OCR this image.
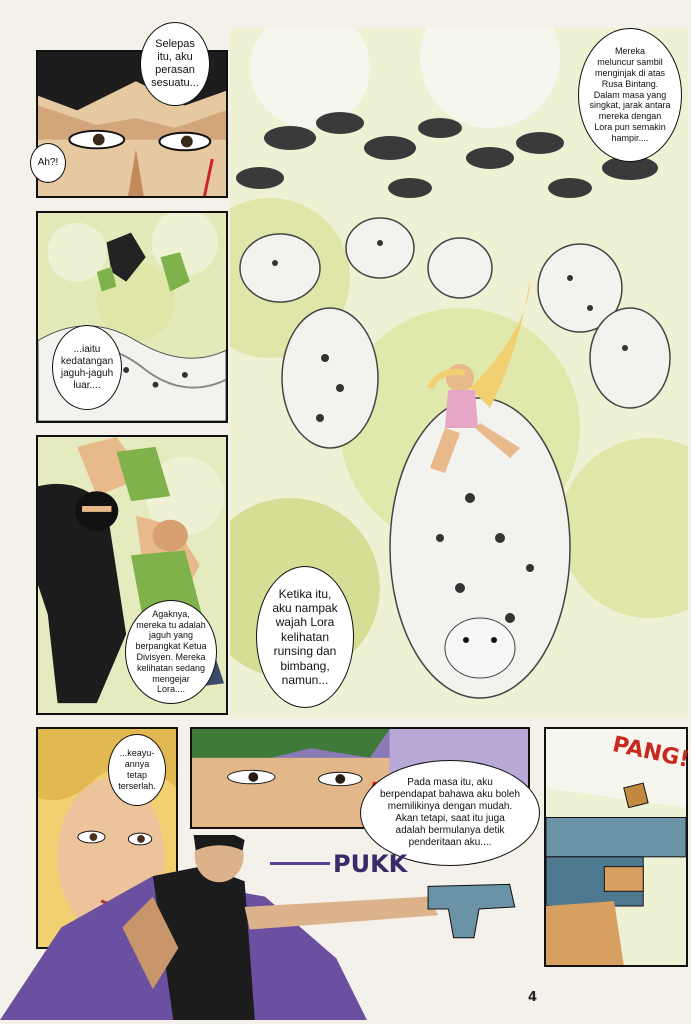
Selepas
itu, aku
perasan
sesuatu...
Ah?!
...iaitu
kedatangan
jaguh-jaguh
luar....
Mereka
meluncur sambil
menginjak di atas
Rusa Bintang.
Dalam masa yang
singkat, jarak antara
mereka dengan
Lora pun semakin
hampir....
Agaknya,
mereka tu adalah
jaguh yang
berpangkat Ketua
Divisyen. Mereka
kelihatan sedang
mengejar
Lora....
Ketika itu,
aku nampak
wajah Lora
kelihatan
runsing dan
bimbang,
namun...
...keayu-
annya
tetap
terserlah.	Pada masa itu, aku
berpendapat bahawa aku boleh
memilikinya dengan mudah.
Akan tetapi, saat itu juga
adalah bermulanya detik
penderitaan aku....
PUKK
PANG!
4
